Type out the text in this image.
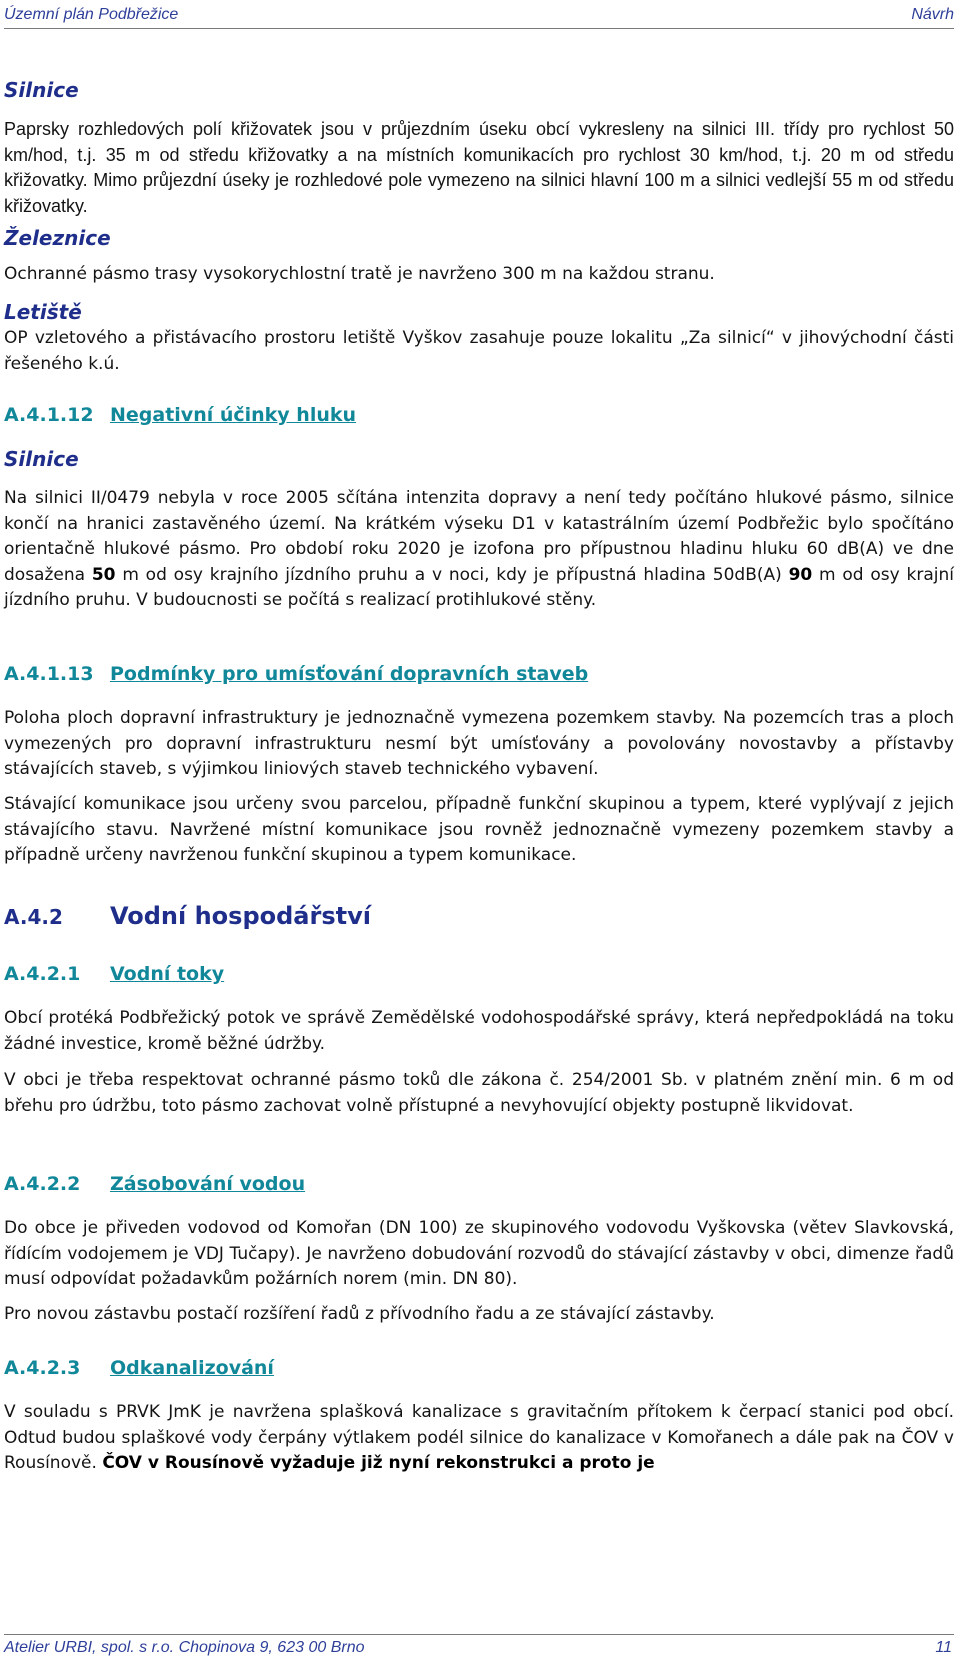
Územní plán Podbřežice	Návrh
Silnice

Paprsky rozhledových polí křižovatek jsou v průjezdním úseku obcí vykresleny na silnici III. třídy pro rychlost 50 km/hod, t.j. 35 m od středu křižovatky a na místních komunikacích pro rychlost 30 km/hod, t.j. 20 m od středu křižovatky. Mimo průjezdní úseky je rozhledové pole vymezeno na silnici hlavní 100 m a silnici vedlejší 55 m od středu křižovatky.

Železnice

Ochranné pásmo trasy vysokorychlostní tratě je navrženo 300 m na každou stranu.

Letiště

OP vzletového a přistávacího prostoru letiště Vyškov zasahuje pouze lokalitu „Za silnicí“ v jihovýchodní části řešeného k.ú.

A.4.1.12 Negativní účinky hluku
Silnice

Na silnici II/0479 nebyla v roce 2005 sčítána intenzita dopravy a není tedy počítáno hlukové pásmo, silnice končí na hranici zastavěného území. Na krátkém výseku D1 v katastrálním území Podbřežic bylo spočítáno orientačně hlukové pásmo. Pro období roku 2020 je izofona pro přípustnou hladinu hluku 60 dB(A) ve dne dosažena 50 m od osy krajního jízdního pruhu a v noci, kdy je přípustná hladina 50dB(A) 90 m od osy krajní jízdního pruhu. V budoucnosti se počítá s realizací protihlukové stěny.

A.4.1.13 Podmínky pro umísťování dopravních staveb

Poloha ploch dopravní infrastruktury je jednoznačně vymezena pozemkem stavby. Na pozemcích tras a ploch vymezených pro dopravní infrastrukturu nesmí být umísťovány a povolovány novostavby a přístavby stávajících staveb, s výjimkou liniových staveb technického vybavení.

Stávající komunikace jsou určeny svou parcelou, případně funkční skupinou a typem, které vyplývají z jejich stávajícího stavu. Navržené místní komunikace jsou rovněž jednoznačně vymezeny pozemkem stavby a případně určeny navrženou funkční skupinou a typem komunikace.

A.4.2 Vodní hospodářství
A.4.2.1 Vodní toky

Obcí protéká Podbřežický potok ve správě Zemědělské vodohospodářské správy, která nepředpokládá na toku žádné investice, kromě běžné údržby.

V obci je třeba respektovat ochranné pásmo toků dle zákona č. 254/2001 Sb. v platném znění min. 6 m od břehu pro údržbu, toto pásmo zachovat volně přístupné a nevyhovující objekty postupně likvidovat.

A.4.2.2 Zásobování vodou

Do obce je přiveden vodovod od Komořan (DN 100) ze skupinového vodovodu Vyškovska (větev Slavkovská, řídícím vodojemem je VDJ Tučapy). Je navrženo dobudování rozvodů do stávající zástavby v obci, dimenze řadů musí odpovídat požadavkům požárních norem (min. DN 80).

Pro novou zástavbu postačí rozšíření řadů z přívodního řadu a ze stávající zástavby.

A.4.2.3 Odkanalizování

V souladu s PRVK JmK je navržena splašková kanalizace s gravitačním přítokem k čerpací stanici pod obcí. Odtud budou splaškové vody čerpány výtlakem podél silnice do kanalizace v Komořanech a dále pak na ČOV v Rousínově. ČOV v Rousínově vyžaduje již nyní rekonstrukci a proto je

Atelier URBI, spol. s r.o. Chopinova 9, 623 00 Brno	11
